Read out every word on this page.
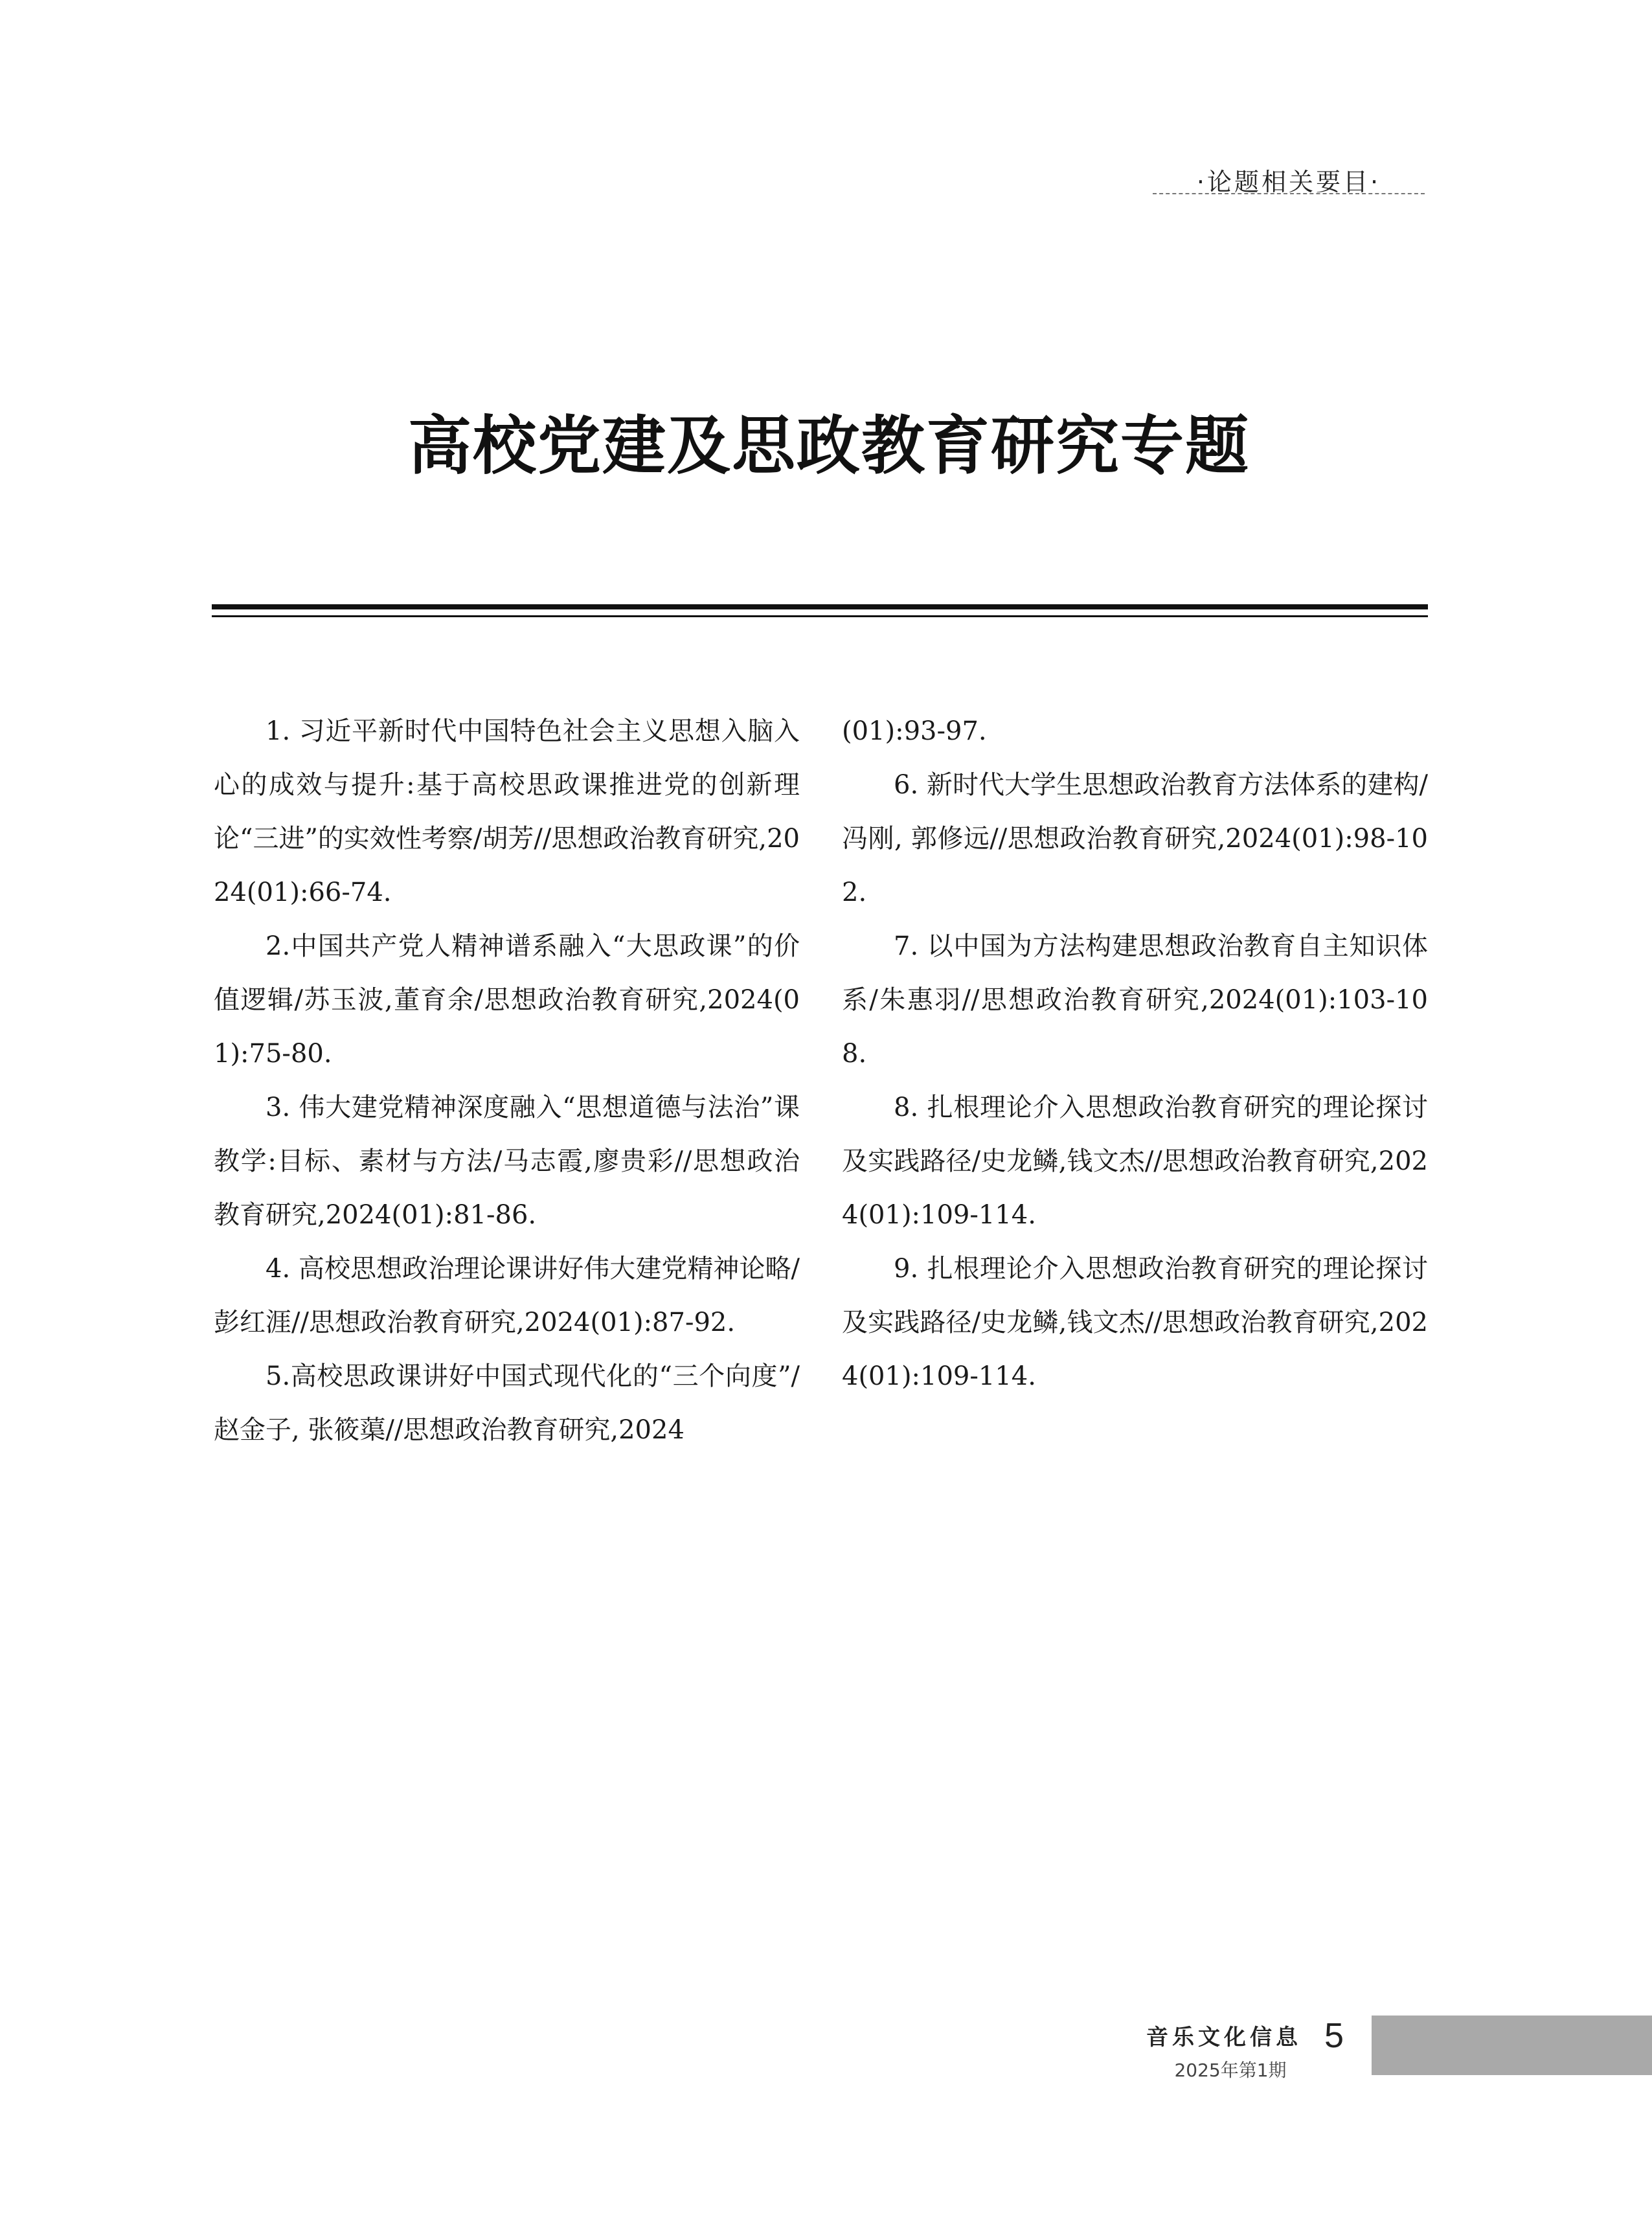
·论题相关要目·
高校党建及思政教育研究专题

1. 习近平新时代中国特色社会主义思想入脑入心的成效与提升:基于高校思政课推进党的创新理论“三进”的实效性考察/胡芳//思想政治教育研究,2024(01):66-74.

2.中国共产党人精神谱系融入“大思政课”的价值逻辑/苏玉波,董育余/思想政治教育研究,2024(01):75-80.

3. 伟大建党精神深度融入“思想道德与法治”课教学:目标、素材与方法/马志霞,廖贵彩//思想政治教育研究,2024(01):81-86.

4. 高校思想政治理论课讲好伟大建党精神论略/彭红涯//思想政治教育研究,2024(01):87-92.

5.高校思政课讲好中国式现代化的“三个向度”/赵金子, 张筱蕖//思想政治教育研究,2024

(01):93-97.

6. 新时代大学生思想政治教育方法体系的建构/冯刚, 郭修远//思想政治教育研究,2024(01):98-102.

7. 以中国为方法构建思想政治教育自主知识体系/朱惠羽//思想政治教育研究,2024(01):103-108.

8. 扎根理论介入思想政治教育研究的理论探讨及实践路径/史龙鳞,钱文杰//思想政治教育研究,2024(01):109-114.

9. 扎根理论介入思想政治教育研究的理论探讨及实践路径/史龙鳞,钱文杰//思想政治教育研究,2024(01):109-114.

音乐文化信息
2025年第1期
5
